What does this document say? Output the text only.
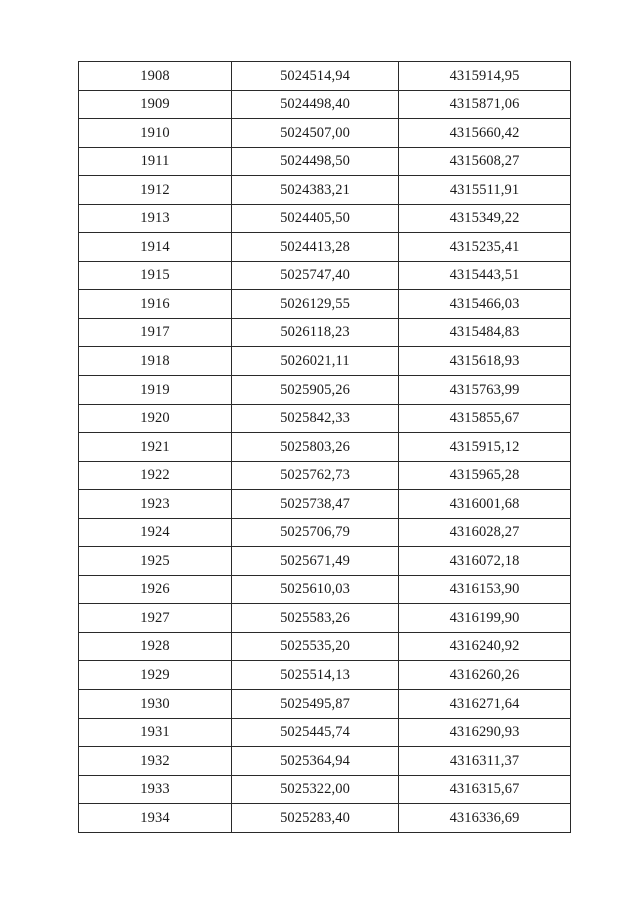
1908	5024514,94	4315914,95
1909	5024498,40	4315871,06
1910	5024507,00	4315660,42
1911	5024498,50	4315608,27
1912	5024383,21	4315511,91
1913	5024405,50	4315349,22
1914	5024413,28	4315235,41
1915	5025747,40	4315443,51
1916	5026129,55	4315466,03
1917	5026118,23	4315484,83
1918	5026021,11	4315618,93
1919	5025905,26	4315763,99
1920	5025842,33	4315855,67
1921	5025803,26	4315915,12
1922	5025762,73	4315965,28
1923	5025738,47	4316001,68
1924	5025706,79	4316028,27
1925	5025671,49	4316072,18
1926	5025610,03	4316153,90
1927	5025583,26	4316199,90
1928	5025535,20	4316240,92
1929	5025514,13	4316260,26
1930	5025495,87	4316271,64
1931	5025445,74	4316290,93
1932	5025364,94	4316311,37
1933	5025322,00	4316315,67
1934	5025283,40	4316336,69
